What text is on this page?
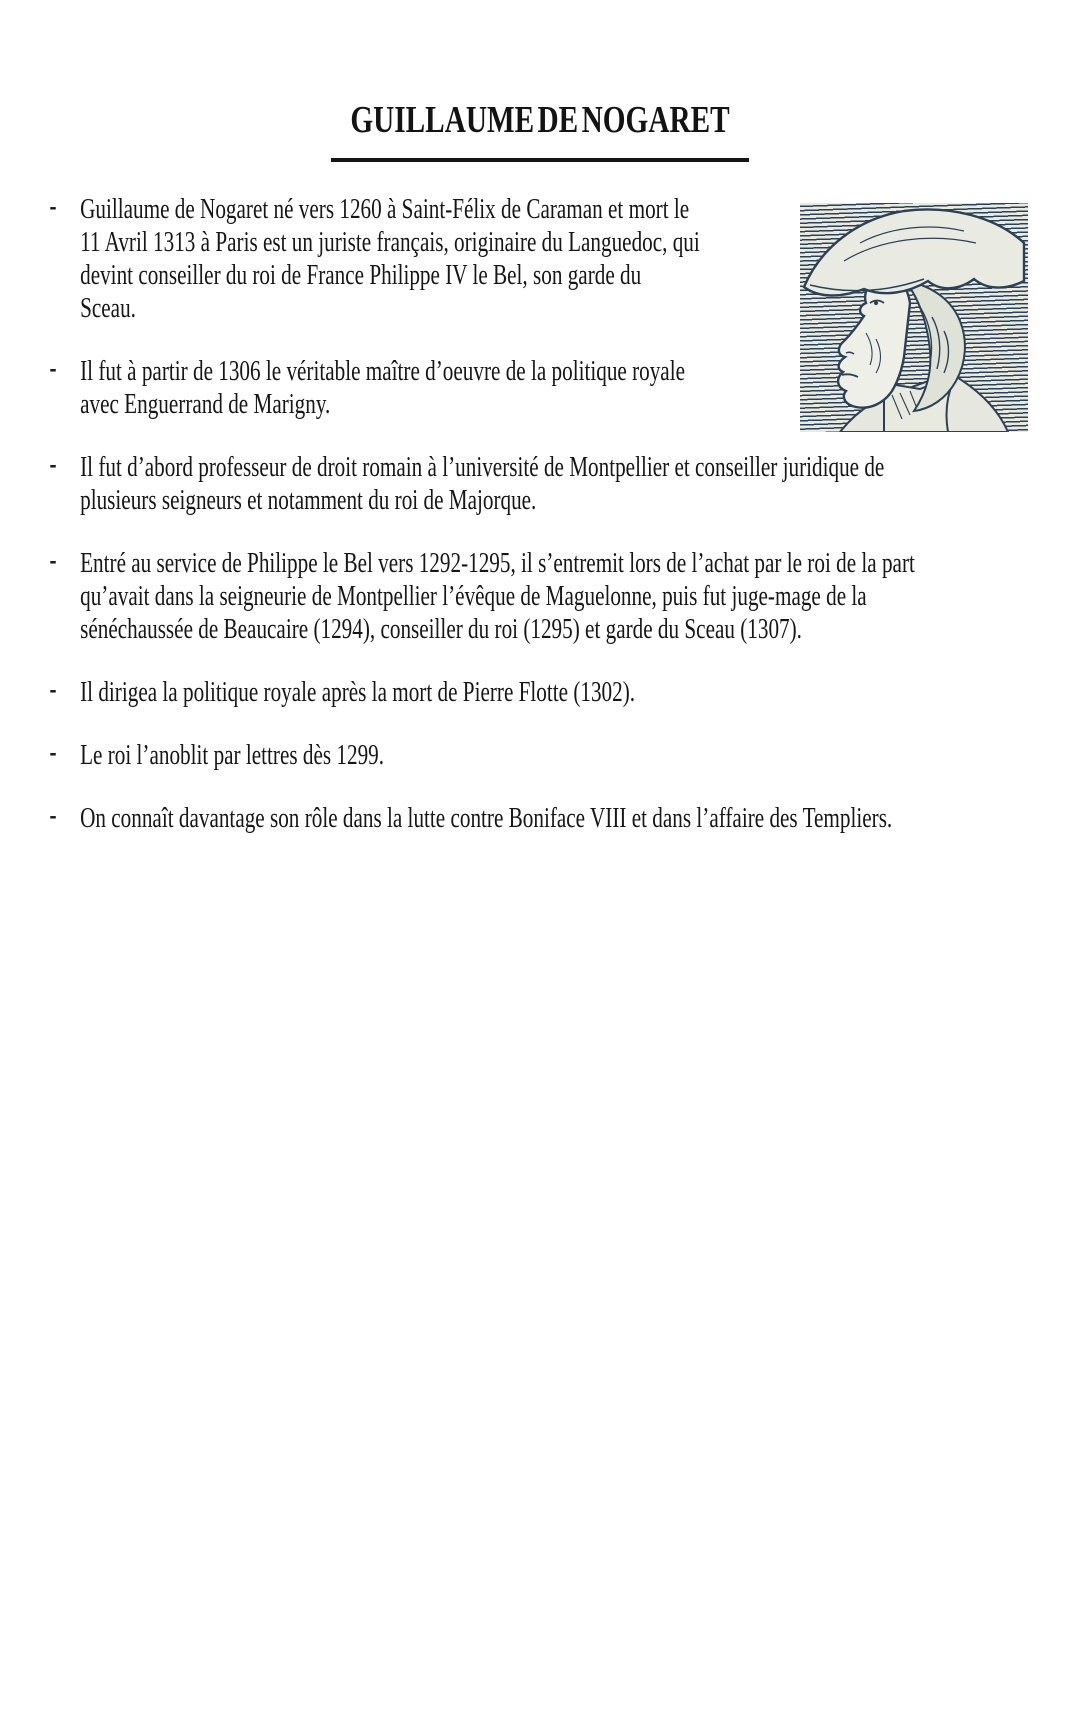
GUILLAUME DE NOGARET
- Guillaume de Nogaret né vers 1260 à Saint-Félix de Caraman et mort le 11 Avril 1313 à Paris est un juriste français, originaire du Languedoc, qui devint conseiller du roi de France Philippe IV le Bel, son garde du Sceau.
- Il fut à partir de 1306 le véritable maître d’oeuvre de la politique royale avec Enguerrand de Marigny.
- Il fut d’abord professeur de droit romain à l’université de Montpellier et conseiller juridique de plusieurs seigneurs et notamment du roi de Majorque.
- Entré au service de Philippe le Bel vers 1292-1295, il s’entremit lors de l’achat par le roi de la part qu’avait dans la seigneurie de Montpellier l’évêque de Maguelonne, puis fut juge-mage de la sénéchaussée de Beaucaire (1294), conseiller du roi (1295) et garde du Sceau (1307).
- Il dirigea la politique royale après la mort de Pierre Flotte (1302).
- Le roi l’anoblit par lettres dès 1299.
- On connaît davantage son rôle dans la lutte contre Boniface VIII et dans l’affaire des Templiers.
